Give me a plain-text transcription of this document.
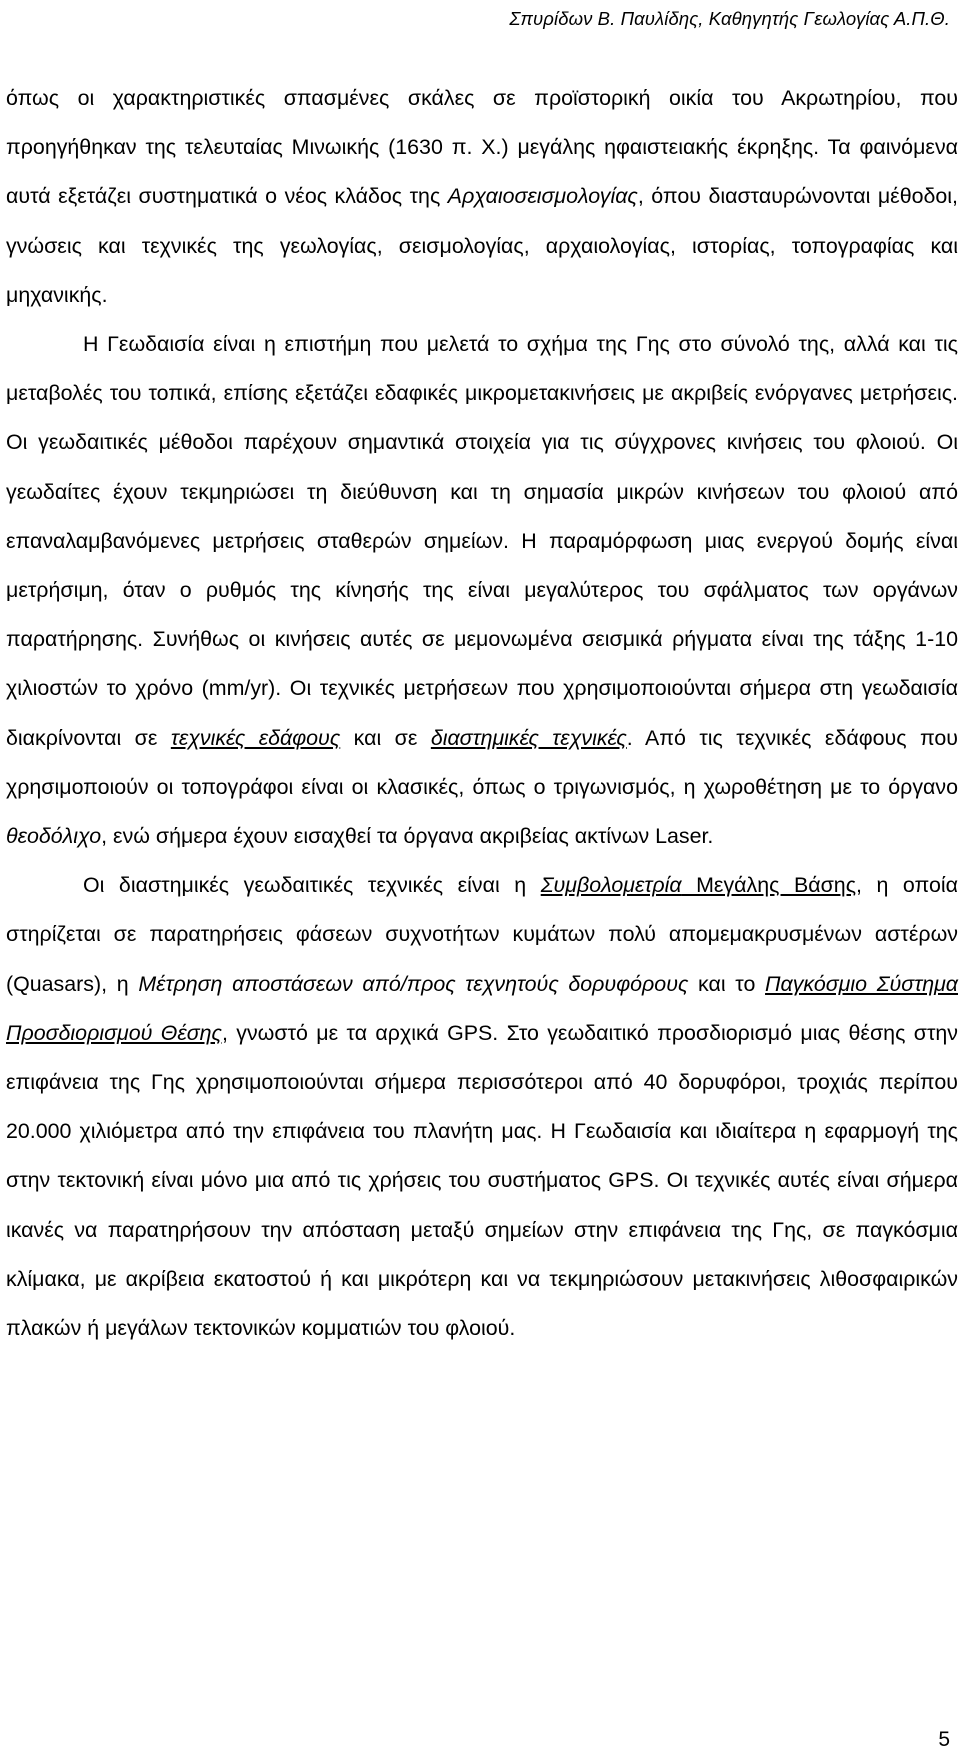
Σπυρίδων Β. Παυλίδης, Καθηγητής Γεωλογίας Α.Π.Θ.

όπως οι χαρακτηριστικές σπασμένες σκάλες σε προϊστορική οικία του Ακρωτηρίου, που προηγήθηκαν της τελευταίας Μινωικής (1630 π. Χ.) μεγάλης ηφαιστειακής έκρηξης. Τα φαινόμενα αυτά εξετάζει συστηματικά ο νέος κλάδος της Αρχαιοσεισμολογίας, όπου διασταυρώνονται μέθοδοι, γνώσεις και τεχνικές της γεωλογίας, σεισμολογίας, αρχαιολογίας, ιστορίας, τοπογραφίας και μηχανικής.

Η Γεωδαισία είναι η επιστήμη που μελετά το σχήμα της Γης στο σύνολό της, αλλά και τις μεταβολές του τοπικά, επίσης εξετάζει εδαφικές μικρομετακινήσεις με ακριβείς ενόργανες μετρήσεις. Οι γεωδαιτικές μέθοδοι παρέχουν σημαντικά στοιχεία για τις σύγχρονες κινήσεις του φλοιού. Οι γεωδαίτες έχουν τεκμηριώσει τη διεύθυνση και τη σημασία μικρών κινήσεων του φλοιού από επαναλαμβανόμενες μετρήσεις σταθερών σημείων. Η παραμόρφωση μιας ενεργού δομής είναι μετρήσιμη, όταν ο ρυθμός της κίνησής της είναι μεγαλύτερος του σφάλματος των οργάνων παρατήρησης. Συνήθως οι κινήσεις αυτές σε μεμονωμένα σεισμικά ρήγματα είναι της τάξης 1-10 χιλιοστών το χρόνο (mm/yr). Οι τεχνικές μετρήσεων που χρησιμοποιούνται σήμερα στη γεωδαισία διακρίνονται σε τεχνικές εδάφους και σε διαστημικές τεχνικές. Από τις τεχνικές εδάφους που χρησιμοποιούν οι τοπογράφοι είναι οι κλασικές, όπως ο τριγωνισμός, η χωροθέτηση με το όργανο θεοδόλιχο, ενώ σήμερα έχουν εισαχθεί τα όργανα ακριβείας ακτίνων Laser.

Οι διαστημικές γεωδαιτικές τεχνικές είναι η Συμβολομετρία Μεγάλης Βάσης, η οποία στηρίζεται σε παρατηρήσεις φάσεων συχνοτήτων κυμάτων πολύ απομεμακρυσμένων αστέρων (Quasars), η Μέτρηση αποστάσεων από/προς τεχνητούς δορυφόρους και το Παγκόσμιο Σύστημα Προσδιορισμού Θέσης, γνωστό με τα αρχικά GPS. Στο γεωδαιτικό προσδιορισμό μιας θέσης στην επιφάνεια της Γης χρησιμοποιούνται σήμερα περισσότεροι από 40 δορυφόροι, τροχιάς περίπου 20.000 χιλιόμετρα από την επιφάνεια του πλανήτη μας. Η Γεωδαισία και ιδιαίτερα η εφαρμογή της στην τεκτονική είναι μόνο μια από τις χρήσεις του συστήματος GPS. Οι τεχνικές αυτές είναι σήμερα ικανές να παρατηρήσουν την απόσταση μεταξύ σημείων στην επιφάνεια της Γης, σε παγκόσμια κλίμακα, με ακρίβεια εκατοστού ή και μικρότερη και να τεκμηριώσουν μετακινήσεις λιθοσφαιρικών πλακών ή μεγάλων τεκτονικών κομματιών του φλοιού.

5
